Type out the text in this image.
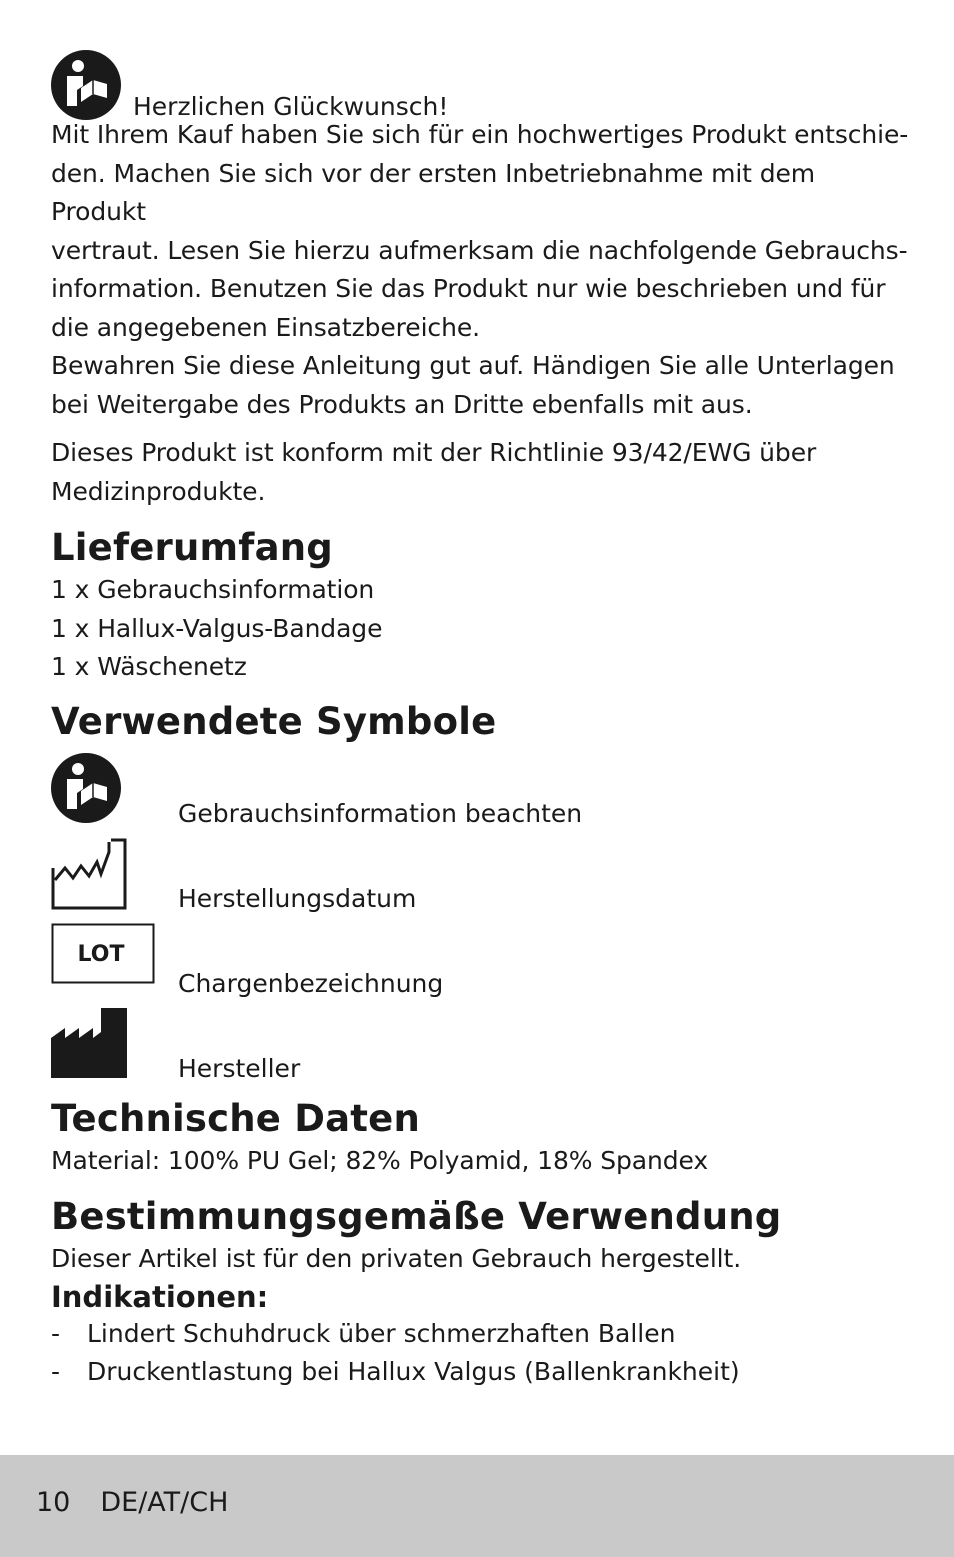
Herzlichen Glückwunsch!

Mit Ihrem Kauf haben Sie sich für ein hochwertiges Produkt entschie-
den. Machen Sie sich vor der ersten Inbetriebnahme mit dem Produkt
vertraut. Lesen Sie hierzu aufmerksam die nachfolgende Gebrauchs-
information. Benutzen Sie das Produkt nur wie beschrieben und für
die angegebenen Einsatzbereiche.
Bewahren Sie diese Anleitung gut auf. Händigen Sie alle Unterlagen
bei Weitergabe des Produkts an Dritte ebenfalls mit aus.

Dieses Produkt ist konform mit der Richtlinie 93/42/EWG über
Medizinprodukte.

Lieferumfang
1 x Gebrauchsinformation
1 x Hallux-Valgus-Bandage
1 x Wäschenetz
Verwendete Symbole
Gebrauchsinformation beachten
Herstellungsdatum
LOT
Chargenbezeichnung
Hersteller
Technische Daten
Material: 100% PU Gel; 82% Polyamid, 18% Spandex
Bestimmungsgemäße Verwendung
Dieser Artikel ist für den privaten Gebrauch hergestellt.
Indikationen:
- Lindert Schuhdruck über schmerzhaften Ballen
- Druckentlastung bei Hallux Valgus (Ballenkrankheit)
10 DE/AT/CH
